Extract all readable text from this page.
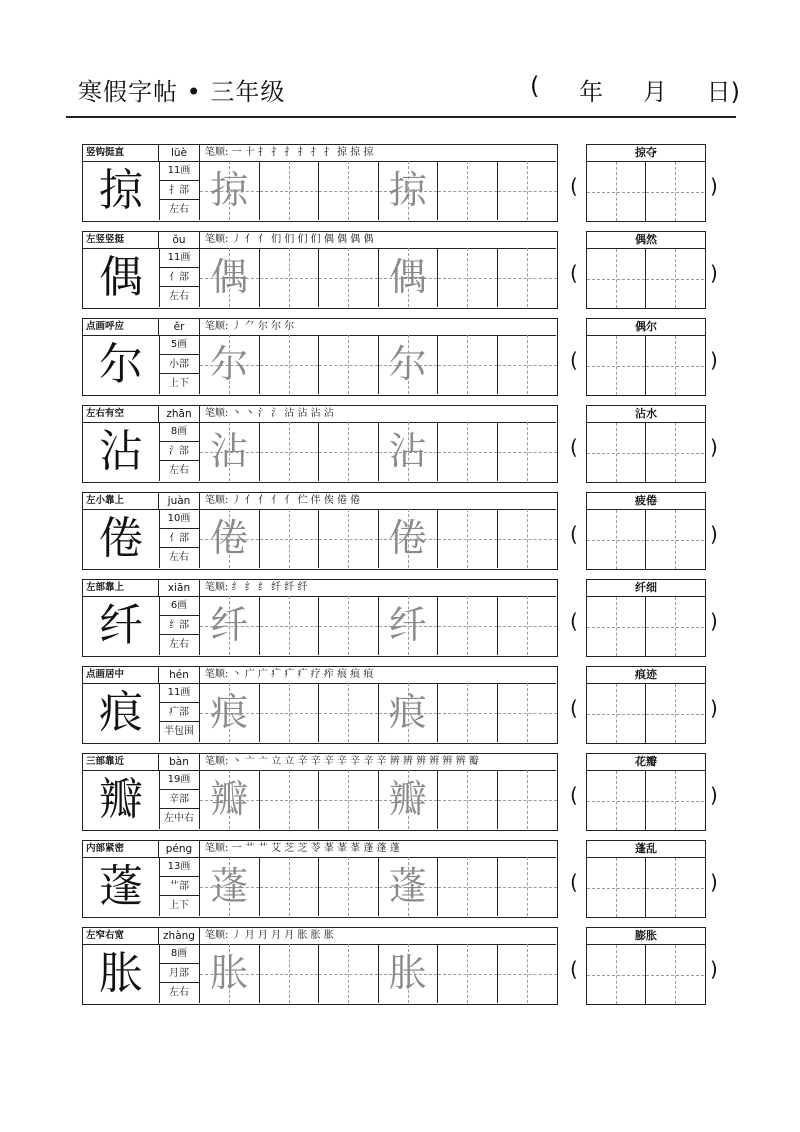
寒假字帖 • 三年级	( 年 月 日)
竖钩挺直	lüè	笔顺: 一 十 扌 扌 扌 扌 扌 扌 掠 掠 掠
掠	11画
扌部
左右 掠	掠	(
掠夺
)
左竖竖挺	ǒu	笔顺: 丿 亻 亻 们 们 们 们 偶 偶 偶 偶
偶	11画
亻部
左右 偶	偶	(
偶然
)
点画呼应	ěr	笔顺: 丿 ⺈ 尔 尔 尔
尔	5画
小部
上下 尔	尔	(
偶尔
)
左右有空	zhān	笔顺: 丶 丶 氵 氵 沾 沾 沾 沾
沾	8画
氵部
左右 沾	沾	(
沾水
)
左小靠上	juàn	笔顺: 丿 亻 亻 亻 亻 伫 伴 俟 倦 倦
倦	10画
亻部
左右 倦	倦	(
疲倦
)
左部靠上	xiān	笔顺: 纟 纟 纟 纤 纤 纤
纤	6画
纟部
左右 纤	纤	(
纤细
)
点画居中	hén	笔顺: 丶 广 广 疒 疒 疒 疗 痄 痕 痕 痕
痕	11画
疒部
半包围 痕	痕	(
痕迹
)
三部靠近	bàn	笔顺: 丶 亠 亠 立 立 辛 辛 辛 辛 辛 辛 辛 辨 辨 辨 辨 辨 辨 瓣
瓣	19画
辛部
左中右 瓣	瓣	(
花瓣
)
内部紧密	péng	笔顺: 一 艹 艹 艾 芝 芝 苓 莑 莑 莑 蓬 蓬 蓬
蓬	13画
艹部
上下 蓬	蓬	(
蓬乱
)
左窄右宽	zhàng	笔顺: 丿 月 月 月 月 胀 胀 胀
胀	8画
月部
左右 胀	胀	(
膨胀
)
